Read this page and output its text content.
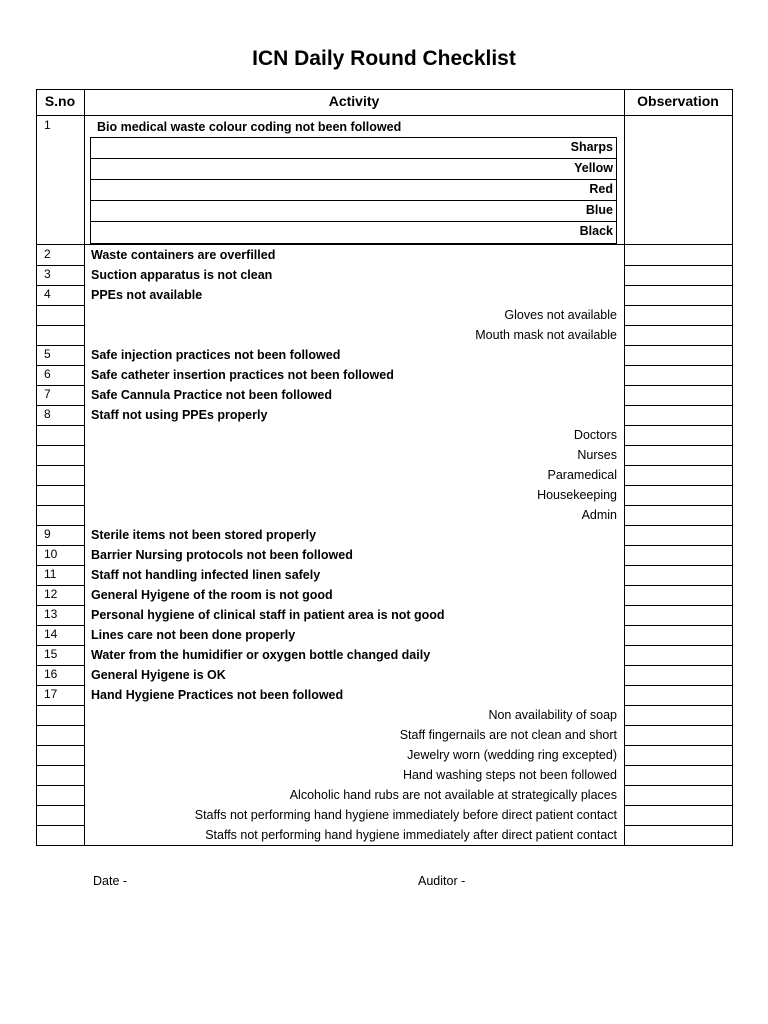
ICN Daily Round Checklist
S.no	Activity	Observation
1	Bio medical waste colour coding not been followed
Sharps
Yellow
Red
Blue
Black
2	Waste containers are overfilled
3	Suction apparatus is not clean
4	PPEs not available
Gloves not available
Mouth mask not available
5	Safe injection practices not been followed
6	Safe catheter insertion practices not been followed
7	Safe Cannula Practice not been followed
8	Staff not using PPEs properly
Doctors
Nurses
Paramedical
Housekeeping
Admin
9	Sterile items not been stored properly
10	Barrier Nursing protocols not been followed
11	Staff not handling infected linen safely
12	General Hyigene of the room is not good
13	Personal hygiene of clinical staff in patient area is not good
14	Lines care not been done properly
15	Water from the humidifier or oxygen bottle changed daily
16	General Hyigene is OK
17	Hand Hygiene Practices not been followed
Non availability of soap
Staff fingernails are not clean and short
Jewelry worn (wedding ring excepted)
Hand washing steps not been followed
Alcoholic hand rubs are not available at strategically places
Staffs not performing hand hygiene immediately before direct patient contact
Staffs not performing hand hygiene immediately after direct patient contact
Date -	Auditor -
